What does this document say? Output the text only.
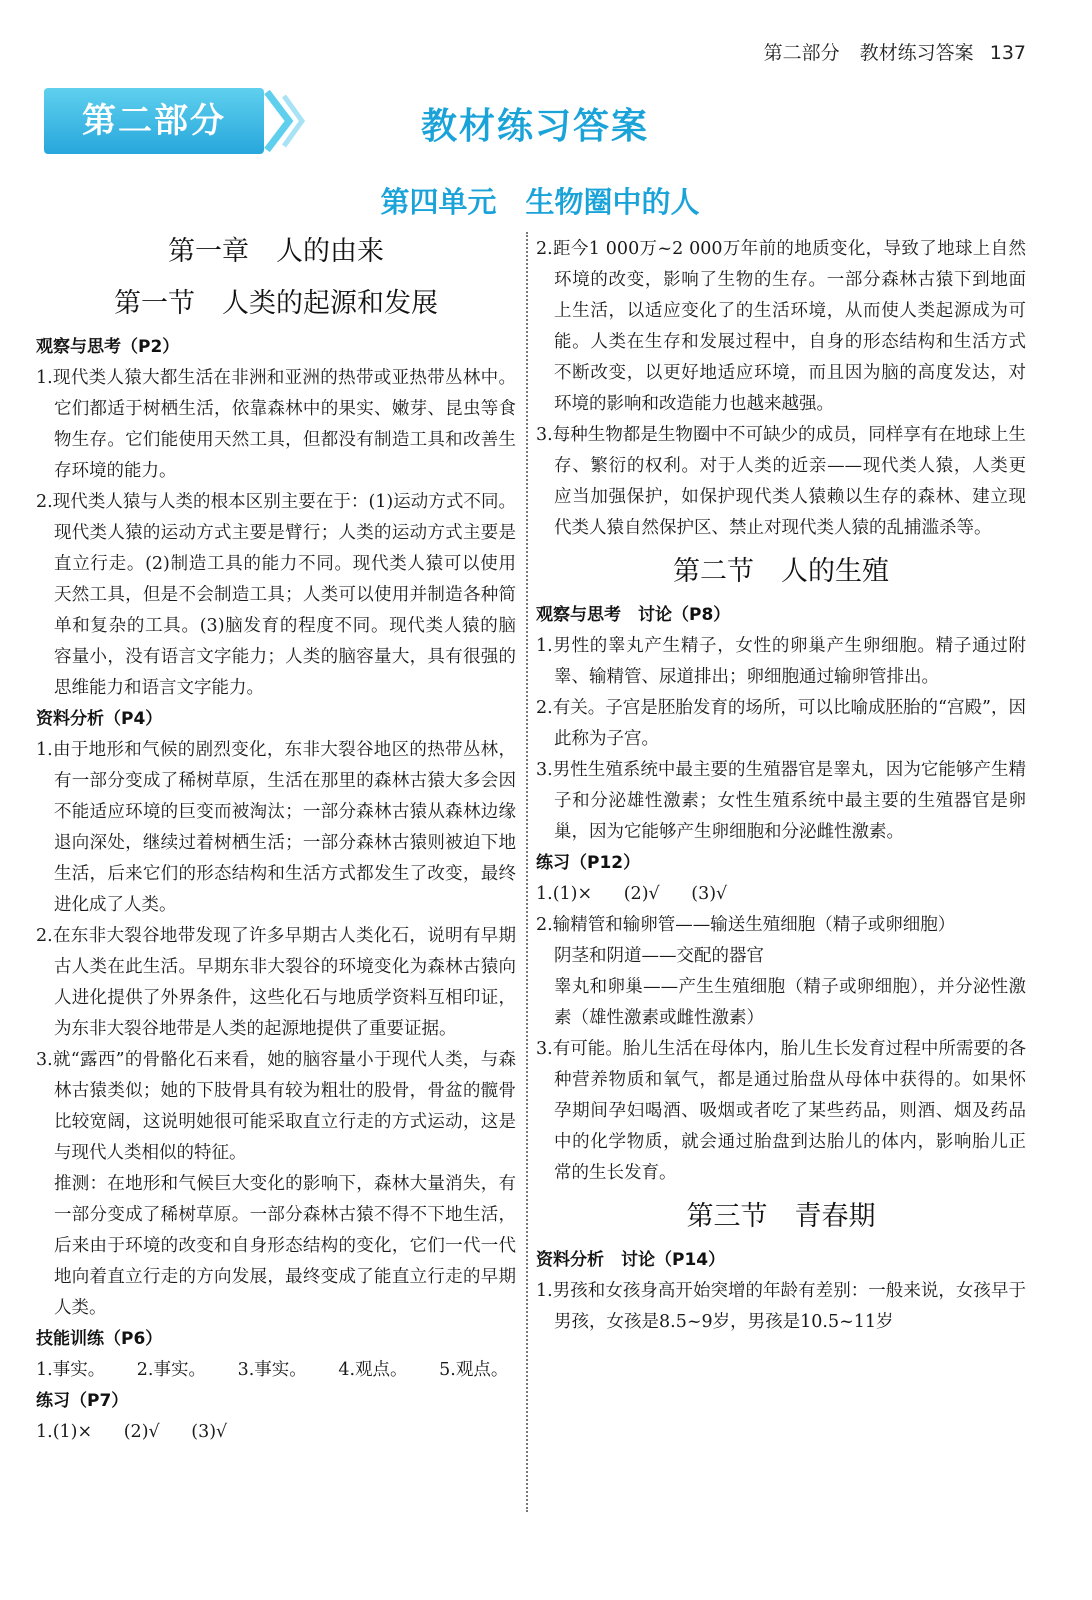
第二部分 教材练习答案 137
第二部分	教材练习答案
第四单元　生物圈中的人
第一章　人的由来
第一节　人类的起源和发展
观察与思考（P2）

1.现代类人猿大都生活在非洲和亚洲的热带或亚热带丛林中。它们都适于树栖生活，依靠森林中的果实、嫩芽、昆虫等食物生存。它们能使用天然工具，但都没有制造工具和改善生存环境的能力。

2.现代类人猿与人类的根本区别主要在于：(1)运动方式不同。现代类人猿的运动方式主要是臂行；人类的运动方式主要是直立行走。(2)制造工具的能力不同。现代类人猿可以使用天然工具，但是不会制造工具；人类可以使用并制造各种简单和复杂的工具。(3)脑发育的程度不同。现代类人猿的脑容量小，没有语言文字能力；人类的脑容量大，具有很强的思维能力和语言文字能力。

资料分析（P4）

1.由于地形和气候的剧烈变化，东非大裂谷地区的热带丛林，有一部分变成了稀树草原，生活在那里的森林古猿大多会因不能适应环境的巨变而被淘汰；一部分森林古猿从森林边缘退向深处，继续过着树栖生活；一部分森林古猿则被迫下地生活，后来它们的形态结构和生活方式都发生了改变，最终进化成了人类。

2.在东非大裂谷地带发现了许多早期古人类化石，说明有早期古人类在此生活。早期东非大裂谷的环境变化为森林古猿向人进化提供了外界条件，这些化石与地质学资料互相印证，为东非大裂谷地带是人类的起源地提供了重要证据。

3.就“露西”的骨骼化石来看，她的脑容量小于现代人类，与森林古猿类似；她的下肢骨具有较为粗壮的股骨，骨盆的髋骨比较宽阔，这说明她很可能采取直立行走的方式运动，这是与现代人类相似的特征。

推测：在地形和气候巨大变化的影响下，森林大量消失，有一部分变成了稀树草原。一部分森林古猿不得不下地生活，后来由于环境的改变和自身形态结构的变化，它们一代一代地向着直立行走的方向发展，最终变成了能直立行走的早期人类。

技能训练（P6）
1.事实。 2.事实。 3.事实。 4.观点。 5.观点。
练习（P7）
1.(1)× (2)√ (3)√

2.距今1 000万~2 000万年前的地质变化，导致了地球上自然环境的改变，影响了生物的生存。一部分森林古猿下到地面上生活，以适应变化了的生活环境，从而使人类起源成为可能。人类在生存和发展过程中，自身的形态结构和生活方式不断改变，以更好地适应环境，而且因为脑的高度发达，对环境的影响和改造能力也越来越强。

3.每种生物都是生物圈中不可缺少的成员，同样享有在地球上生存、繁衍的权利。对于人类的近亲——现代类人猿，人类更应当加强保护，如保护现代类人猿赖以生存的森林、建立现代类人猿自然保护区、禁止对现代类人猿的乱捕滥杀等。

第二节　人的生殖
观察与思考　讨论（P8）

1.男性的睾丸产生精子，女性的卵巢产生卵细胞。精子通过附睾、输精管、尿道排出；卵细胞通过输卵管排出。

2.有关。子宫是胚胎发育的场所，可以比喻成胚胎的“宫殿”，因此称为子宫。

3.男性生殖系统中最主要的生殖器官是睾丸，因为它能够产生精子和分泌雄性激素；女性生殖系统中最主要的生殖器官是卵巢，因为它能够产生卵细胞和分泌雌性激素。

练习（P12）
1.(1)× (2)√ (3)√

2.输精管和输卵管——输送生殖细胞（精子或卵细胞）

阴茎和阴道——交配的器官

睾丸和卵巢——产生生殖细胞（精子或卵细胞），并分泌性激素（雄性激素或雌性激素）

3.有可能。胎儿生活在母体内，胎儿生长发育过程中所需要的各种营养物质和氧气，都是通过胎盘从母体中获得的。如果怀孕期间孕妇喝酒、吸烟或者吃了某些药品，则酒、烟及药品中的化学物质，就会通过胎盘到达胎儿的体内，影响胎儿正常的生长发育。

第三节　青春期
资料分析　讨论（P14）

1.男孩和女孩身高开始突增的年龄有差别：一般来说，女孩早于男孩，女孩是8.5~9岁，男孩是10.5~11岁
